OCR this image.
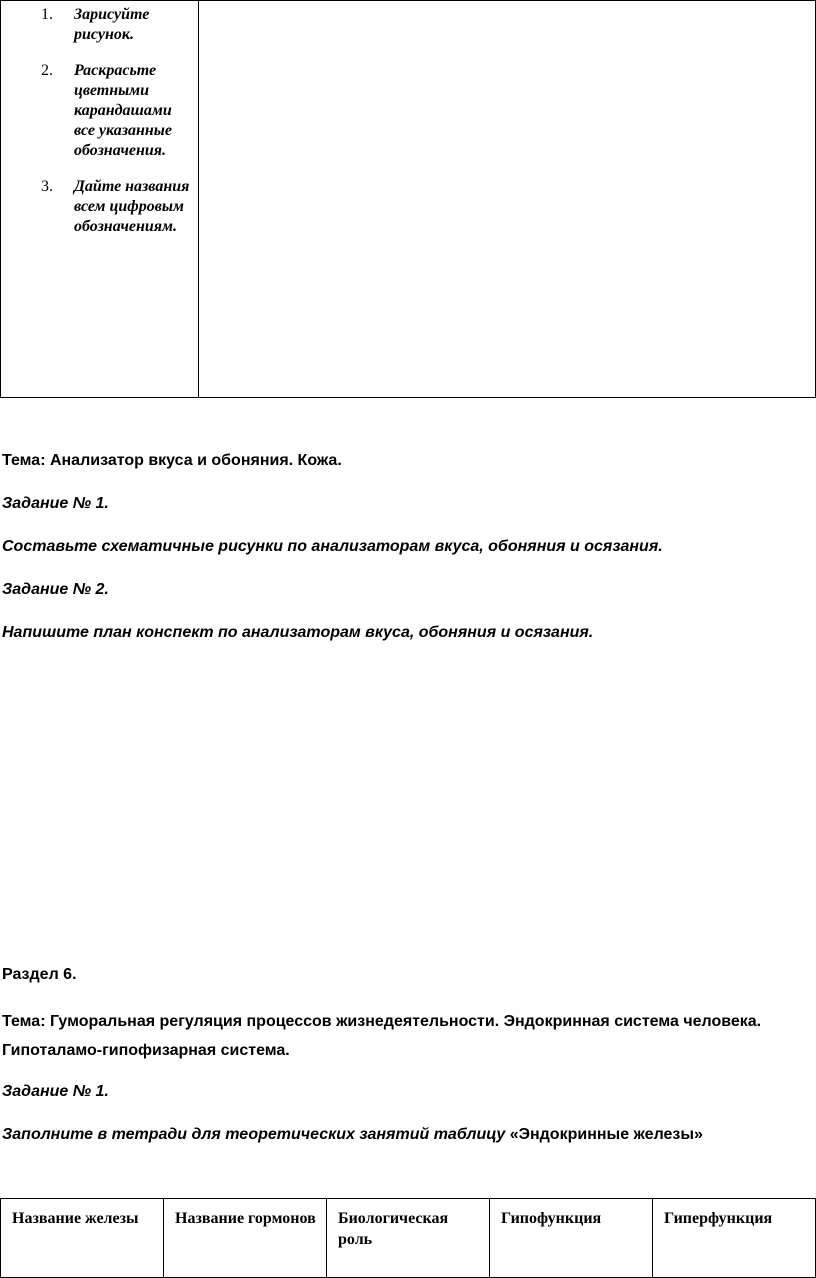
1. Зарисуйте рисунок.
2. Раскрасьте цветными карандашами все указанные обозначения.
3. Дайте названия всем цифровым обозначениям.

Тема: Анализатор вкуса и обоняния. Кожа.

Задание № 1.

Составьте схематичные рисунки по анализаторам вкуса, обоняния и осязания.

Задание № 2.

Напишите план конспект по анализаторам вкуса, обоняния и осязания.

Раздел 6.

Тема: Гуморальная регуляция процессов жизнедеятельности. Эндокринная система человека. Гипоталамо-гипофизарная система.

Задание № 1.

Заполните в тетради для теоретических занятий таблицу «Эндокринные железы»

Название железы	Название гормонов	Биологическая роль	Гипофункция	Гиперфункция
